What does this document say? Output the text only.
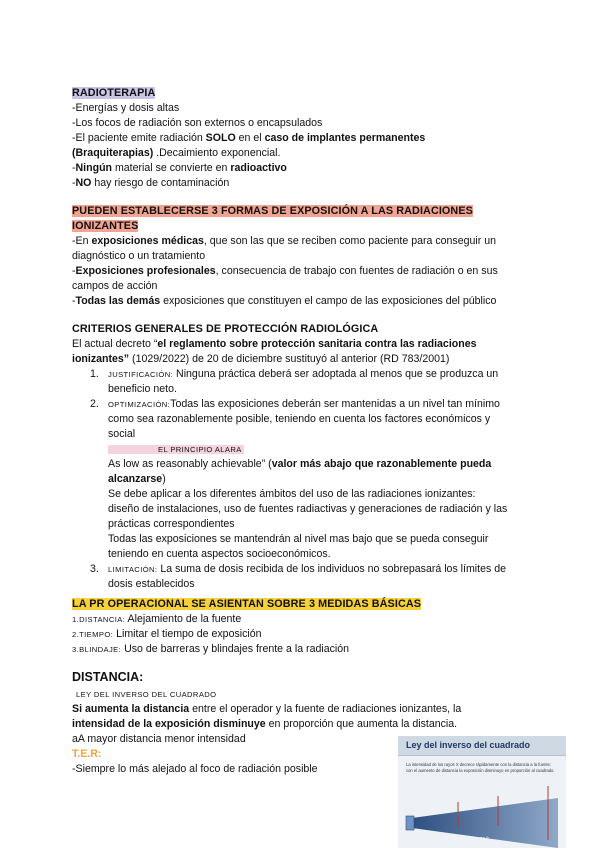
RADIOTERAPIA
-Energías y dosis altas
-Los focos de radiación son externos o encapsulados
-El paciente emite radiación SOLO en el caso de implantes permanentes
(Braquiterapias) .Decaimiento exponencial.
-Ningún material se convierte en radioactivo
-NO hay riesgo de contaminación
PUEDEN ESTABLECERSE 3 FORMAS DE EXPOSICIÓN A LAS RADIACIONES
IONIZANTES
-En exposiciones médicas, que son las que se reciben como paciente para conseguir un
diagnóstico o un tratamiento
-Exposiciones profesionales, consecuencia de trabajo con fuentes de radiación o en sus
campos de acción
-Todas las demás exposiciones que constituyen el campo de las exposiciones del público
CRITERIOS GENERALES DE PROTECCIÓN RADIOLÓGICA
El actual decreto “el reglamento sobre protección sanitaria contra las radiaciones
ionizantes” (1029/2022) de 20 de diciembre sustituyó al anterior (RD 783/2001)
1. JUSTIFICACIÓN: Ninguna práctica deberá ser adoptada al menos que se produzca un
beneficio neto.
2. OPTIMIZACIÓN:Todas las exposiciones deberán ser mantenidas a un nivel tan mínimo
como sea razonablemente posible, teniendo en cuenta los factores económicos y
social
EL PRINCIPIO ALARA
As low as reasonably achievable” (valor más abajo que razonablemente pueda
alcanzarse)
Se debe aplicar a los diferentes ámbitos del uso de las radiaciones ionizantes:
diseño de instalaciones, uso de fuentes radiactivas y generaciones de radiación y las
prácticas correspondientes
Todas las exposiciones se mantendrán al nivel mas bajo que se pueda conseguir
teniendo en cuenta aspectos socioeconómicos.
3. LIMITACIÓN: La suma de dosis recibida de los individuos no sobrepasará los límites de
dosis establecidos
LA PR OPERACIONAL SE ASIENTAN SOBRE 3 MEDIDAS BÁSICAS
1.DISTANCIA: Alejamiento de la fuente
2.TIEMPO: Limitar el tiempo de exposición
3.BLINDAJE: Uso de barreras y blindajes frente a la radiación
DISTANCIA:
LEY DEL INVERSO DEL CUADRADO
Si aumenta la distancia entre el operador y la fuente de radiaciones ionizantes, la
intensidad de la exposición disminuye en proporción que aumenta la distancia.
aA mayor distancia menor intensidad
T.E.R:
-Siempre lo más alejado al foco de radiación posible
Ley del inverso del cuadrado
La intensidad de los rayos X decrece rápidamente con la distancia a la fuente; con el aumento de distancia la exposición disminuye en proporción al cuadrado.
25 ft	50 ft
